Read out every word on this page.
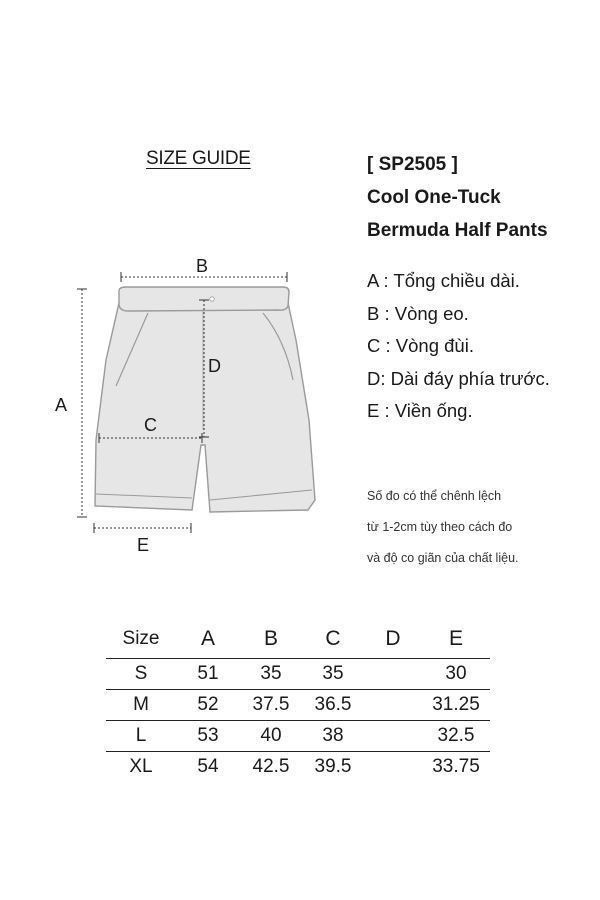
SIZE GUIDE	[ SP2505 ]
Cool One-Tuck
Bermuda Half Pants
A : Tổng chiều dài.
B : Vòng eo.
C : Vòng đùi.
D: Dài đáy phía trước.
E : Viền ống.
Số đo có thể chênh lệch
từ 1-2cm tùy theo cách đo
và độ co giãn của chất liệu.
B
A
D
C
E
Size	A	B	C	D	E
S	51	35	35		30
M	52	37.5	36.5		31.25
L	53	40	38		32.5
XL	54	42.5	39.5		33.75
